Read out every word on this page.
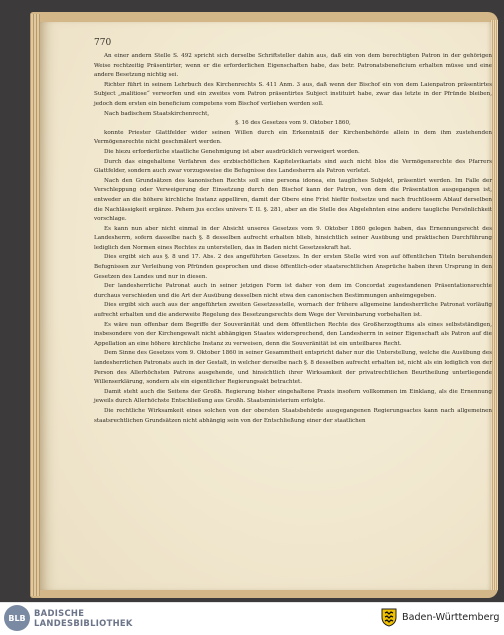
770

An einer andern Stelle S. 492 spricht sich derselbe Schriftsteller dahin aus, daß ein von dem berechtigten Patron in der gehörigen Weise rechtzeitig Präsentirter, wenn er die erforderlichen Eigenschaften habe, das betr. Patronatsbeneficium erhalten müsse und eine andere Besetzung nichtig sei.

Richter führt in seinem Lehrbuch des Kirchenrechts S. 411 Anm. 3 aus, daß wenn der Bischof ein von dem Laienpatron präsentirtes Subject „malitiose“ verworfen und ein zweites vom Patron präsentirtes Subject instituirt habe, zwar das letzte in der Pfründe bleiben, jedoch dem ersten ein beneficium competens vom Bischof verliehen werden soll.

Nach badischem Staatskirchenrecht,

§. 16 des Gesetzes vom 9. Oktober 1860,

konnte Priester Glattfelder wider seinen Willen durch ein Erkenntniß der Kirchenbehörde allein in dem ihm zustehenden Vermögensrechte nicht geschmälert werden.

Die hiezu erforderliche staatliche Genehmigung ist aber ausdrücklich verweigert worden.

Durch das eingehaltene Verfahren des erzbischöflichen Kapitelsvikariats sind auch nicht blos die Vermögensrechte des Pfarrers Glattfelder, sondern auch zwar vorzugsweise die Befugnisse des Landesherrn als Patron verletzt.

Nach den Grundsätzen des kanonischen Rechts soll eine persona idonea, ein taugliches Subjekt, präsentirt werden. Im Falle der Verschleppung oder Verweigerung der Einsetzung durch den Bischof kann der Patron, von dem die Präsentation ausgegangen ist, entweder an die höhere kirchliche Instanz appelliren, damit der Obere eine Frist hiefür festsetze und nach fruchtlosem Ablauf derselben die Nachlässigkeit ergänze. Pehem jus eccles univers T. II. §. 281, aber an die Stelle des Abgelehnten eine andere taugliche Persönlichkeit vorschlage.

Es kann nun aber nicht einmal in der Absicht unseres Gesetzes vom 9. Oktober 1860 gelegen haben, das Ernennungsrecht des Landesherrn, sofern dasselbe nach §. 8 desselben aufrecht erhalten blieb, hinsichtlich seiner Ausübung und praktischen Durchführung lediglich den Normen eines Rechtes zu unterstellen, das in Baden nicht Gesetzeskraft hat.

Dies ergibt sich aus §. 8 und 17. Abs. 2 des angeführten Gesetzes. In der ersten Stelle wird von auf öffentlichen Titeln beruhenden Befugnissen zur Verleihung von Pfründen gesprochen und diese öffentlich-oder staatsrechtlichen Ansprüche haben ihren Ursprung in den Gesetzen des Landes und nur in diesen.

Der landesherrliche Patronat auch in seiner jetzigen Form ist daher von dem im Concordat zugestandenen Präsentationsrechte durchaus verschieden und die Art der Ausübung desselben nicht etwa den canonischen Bestimmungen anheimgegeben.

Dies ergibt sich auch aus der angeführten zweiten Gesetzesstelle, wornach der frühere allgemeine landesherrliche Patronat vorläufig aufrecht erhalten und die anderweite Regelung des Besetzungsrechts dem Wege der Vereinbarung vorbehalten ist.

Es wäre nun offenbar dem Begriffe der Souveränität und dem öffentlichen Rechte des Großherzogthums als eines selbstständigen, insbesondere von der Kirchengewalt nicht abhängigen Staates widersprechend, den Landesherrn in seiner Eigenschaft als Patron auf die Appellation an eine höhere kirchliche Instanz zu verweisen, denn die Souveränität ist ein unteilbares Recht.

Dem Sinne des Gesetzes vom 9. Oktober 1860 in seiner Gesammtheit entspricht daher nur die Unterstellung, welche die Ausübung des landesherrlichen Patronats auch in der Gestalt, in welcher derselbe nach §. 8 desselben aufrecht erhalten ist, nicht als ein lediglich von der Person des Allerhöchsten Patrons ausgehende, und hinsichtlich ihrer Wirksamkeit der privatrechtlichen Beurtheilung unterliegende Willenserklärung, sondern als ein eigentlicher Regierungsakt betrachtet.

Damit steht auch die Seitens der Großh. Regierung bisher eingehaltene Praxis insofern vollkommen im Einklang, als die Ernennung jeweils durch Allerhöchste Entschließung aus Großh. Staatsministerium erfolgte.

Die rechtliche Wirksamkeit eines solchen von der obersten Staatsbehörde ausgegangenen Regierungsactes kann nach allgemeinen staatsrechtlichen Grundsätzen nicht abhängig sein von der Entschließung einer der staatlichen

BLB BADISCHE
LANDESBIBLIOTHEK	Baden-Württemberg
